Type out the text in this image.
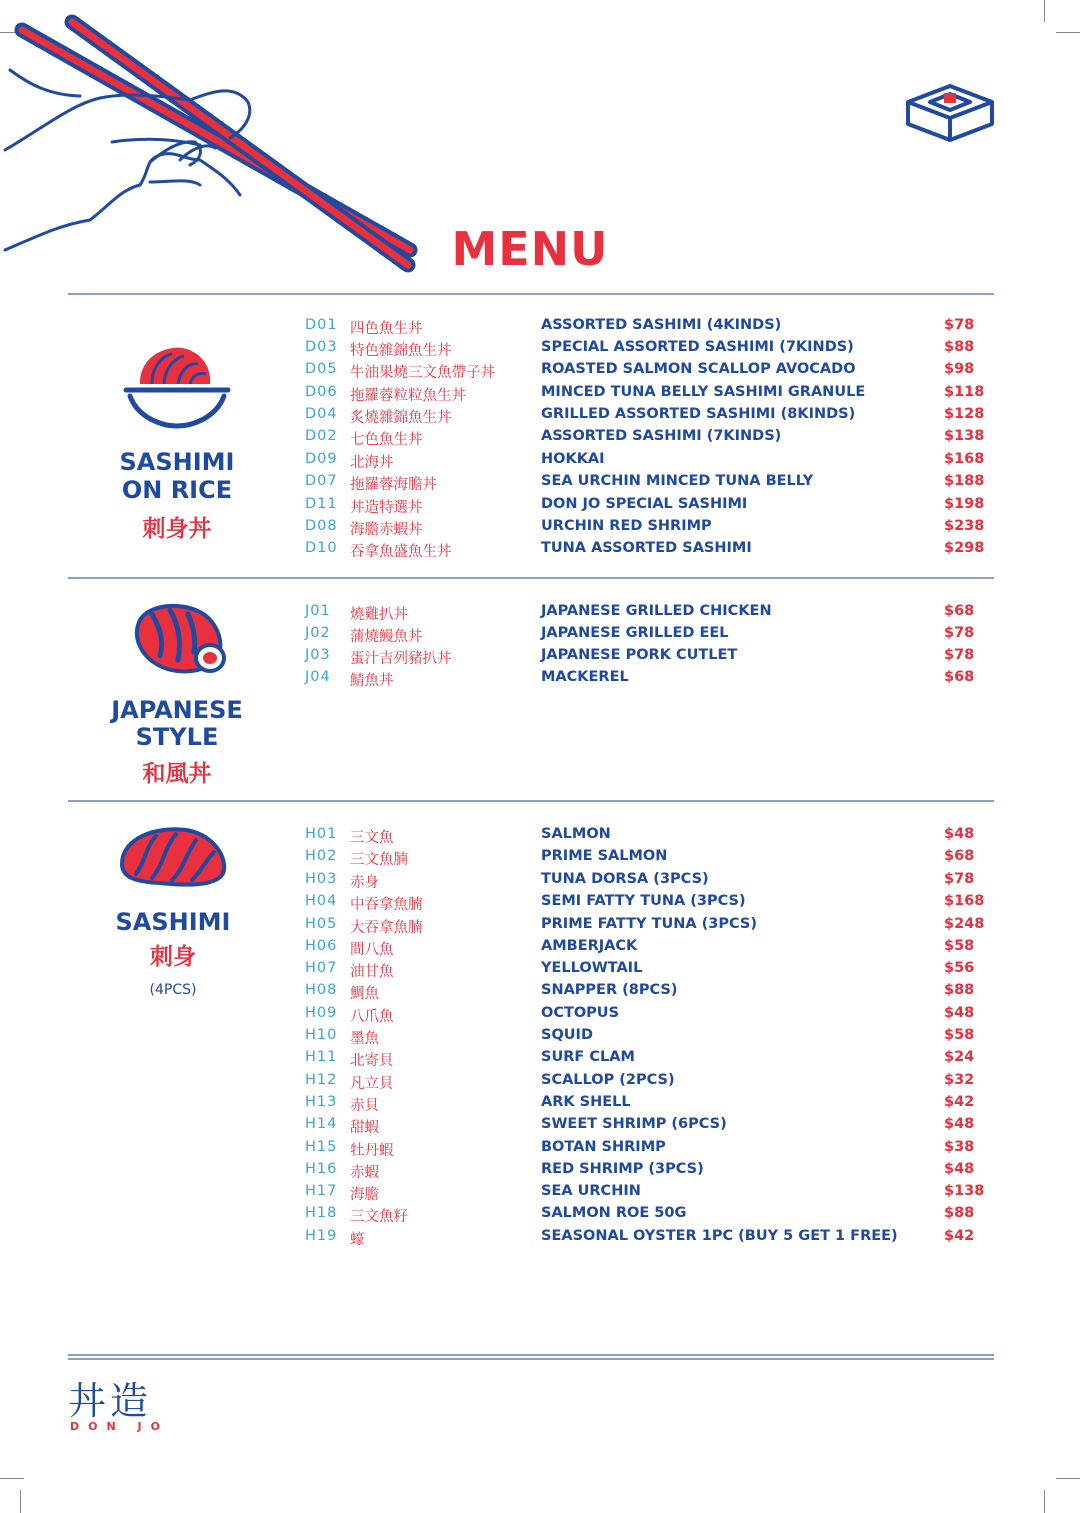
MENU
SASHIMI
ON RICE
刺身丼
D01 四色魚生丼	ASSORTED SASHIMI (4KINDS)	$78
D03 特色雜錦魚生丼	SPECIAL ASSORTED SASHIMI (7KINDS)	$88
D05 牛油果燒三文魚帶子丼	ROASTED SALMON SCALLOP AVOCADO	$98
D06 拖羅蓉粒粒魚生丼	MINCED TUNA BELLY SASHIMI GRANULE	$118
D04 炙燒雜錦魚生丼	GRILLED ASSORTED SASHIMI (8KINDS)	$128
D02 七色魚生丼	ASSORTED SASHIMI (7KINDS)	$138
D09 北海丼	HOKKAI	$168
D07 拖羅蓉海膽丼	SEA URCHIN MINCED TUNA BELLY	$188
D11 丼造特選丼	DON JO SPECIAL SASHIMI	$198
D08 海膽赤蝦丼	URCHIN RED SHRIMP	$238
D10 吞拿魚盛魚生丼	TUNA ASSORTED SASHIMI	$298
JAPANESE
STYLE
和風丼
J01 燒雞扒丼	JAPANESE GRILLED CHICKEN	$68
J02 蒲燒鰻魚丼	JAPANESE GRILLED EEL	$78
J03 蛋汁吉列豬扒丼	JAPANESE PORK CUTLET	$78
J04 鯖魚丼	MACKEREL	$68
SASHIMI
刺身
(4PCS)
H01 三文魚	SALMON	$48
H02 三文魚腩	PRIME SALMON	$68
H03 赤身	TUNA DORSA (3PCS)	$78
H04 中吞拿魚腩	SEMI FATTY TUNA (3PCS)	$168
H05 大吞拿魚腩	PRIME FATTY TUNA (3PCS)	$248
H06 間八魚	AMBERJACK	$58
H07 油甘魚	YELLOWTAIL	$56
H08 鯛魚	SNAPPER (8PCS)	$88
H09 八爪魚	OCTOPUS	$48
H10 墨魚	SQUID	$58
H11 北寄貝	SURF CLAM	$24
H12 凡立貝	SCALLOP (2PCS)	$32
H13 赤貝	ARK SHELL	$42
H14 甜蝦	SWEET SHRIMP (6PCS)	$48
H15 牡丹蝦	BOTAN SHRIMP	$38
H16 赤蝦	RED SHRIMP (3PCS)	$48
H17 海膽	SEA URCHIN	$138
H18 三文魚籽	SALMON ROE 50G	$88
H19 蠔	SEASONAL OYSTER 1PC (BUY 5 GET 1 FREE)	$42
丼造
DON JO
